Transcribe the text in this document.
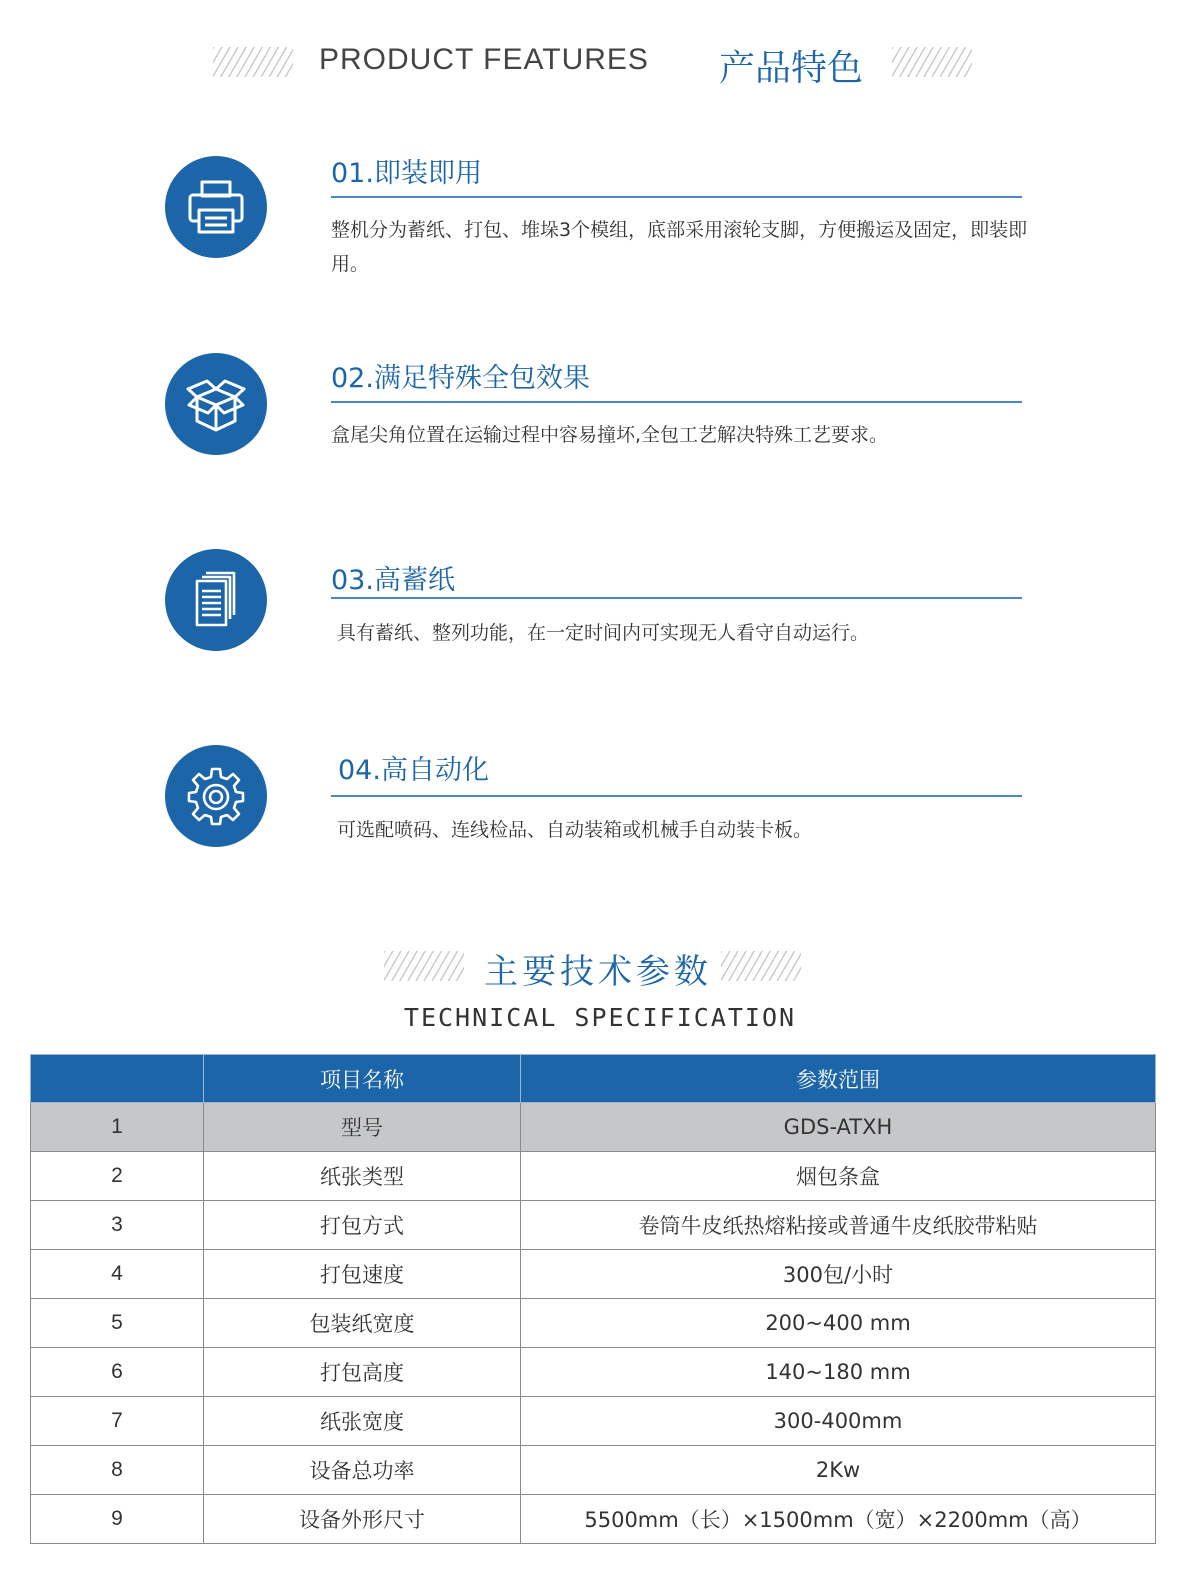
PRODUCT FEATURES 产品特色
01.即装即用
整机分为蓄纸、打包、堆垛3个模组，底部采用滚轮支脚，方便搬运及固定，即装即用。
02.满足特殊全包效果
盒尾尖角位置在运输过程中容易撞坏,全包工艺解决特殊工艺要求。
03.高蓄纸
具有蓄纸、整列功能，在一定时间内可实现无人看守自动运行。
04.高自动化
可选配喷码、连线检品、自动装箱或机械手自动装卡板。
主要技术参数
TECHNICAL SPECIFICATION
	项目名称	参数范围
1	型号	GDS-ATXH
2	纸张类型	烟包条盒
3	打包方式	卷筒牛皮纸热熔粘接或普通牛皮纸胶带粘贴
4	打包速度	300包/小时
5	包装纸宽度	200~400 mm
6	打包高度	140~180 mm
7	纸张宽度	300-400mm
8	设备总功率	2Kw
9	设备外形尺寸	5500mm（长）×1500mm（宽）×2200mm（高）
